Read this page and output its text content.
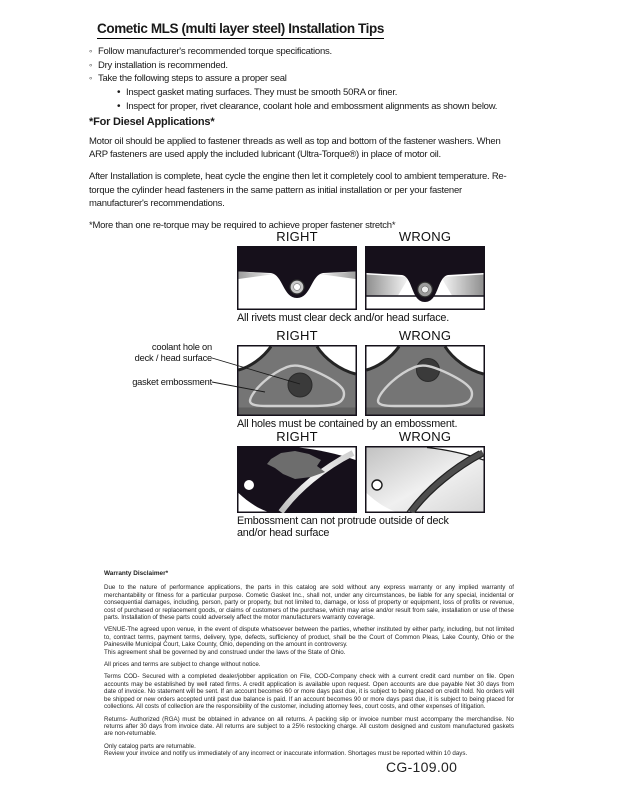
Cometic MLS (multi layer steel) Installation Tips
◦ Follow manufacturer's recommended torque specifications.
◦ Dry installation is recommended.
◦ Take the following steps to assure a proper seal
• Inspect gasket mating surfaces. They must be smooth 50RA or finer.
• Inspect for proper, rivet clearance, coolant hole and embossment alignments as shown below.
*For Diesel Applications*

Motor oil should be applied to fastener threads as well as top and bottom of the fastener washers. When ARP fasteners are used apply the included lubricant (Ultra-Torque®) in place of motor oil.

After Installation is complete, heat cycle the engine then let it completely cool to ambient temperature. Re-torque the cylinder head fasteners in the same pattern as initial installation or per your fastener manufacturer's recommendations.

*More than one re-torque may be required to achieve proper fastener stretch*

RIGHT	WRONG
All rivets must clear deck and/or head surface.
RIGHT	WRONG
All holes must be contained by an embossment.
coolant hole on
deck / head surface
gasket embossment
RIGHT	WRONG
Embossment can not protrude outside of deck
and/or head surface
Warranty Disclaimer*

Due to the nature of performance applications, the parts in this catalog are sold without any express warranty or any implied warranty of merchantability or fitness for a particular purpose. Cometic Gasket Inc., shall not, under any circumstances, be liable for any special, incidental or consequential damages, including, person, party or property, but not limited to, damage, or loss of property or equipment, loss of profits or revenue, cost of purchased or replacement goods, or claims of customers of the purchase, which may arise and/or result from sale, installation or use of these parts. Installation of these parts could adversely affect the motor manufacturers warranty coverage.

VENUE-The agreed upon venue, in the event of dispute whatsoever between the parties, whether instituted by either party, including, but not limited to, contract terms, payment terms, delivery, type, defects, sufficiency of product, shall be the Court of Common Pleas, Lake County, Ohio or the Painesville Municipal Court, Lake County, Ohio, depending on the amount in controversy.

This agreement shall be governed by and construed under the laws of the State of Ohio.

All prices and terms are subject to change without notice.

Terms COD- Secured with a completed dealer/jobber application on File, COD-Company check with a current credit card number on file. Open accounts may be established by well rated firms. A credit application is available upon request. Open accounts are due payable Net 30 days from date of invoice. No statement will be sent. If an account becomes 60 or more days past due, it is subject to being placed on credit hold. No orders will be shipped or new orders accepted until past due balance is paid. If an account becomes 90 or more days past due, it is subject to being placed for collections. All costs of collection are the responsibility of the customer, including attorney fees, court costs, and other expenses of litigation.

Returns- Authorized (RGA) must be obtained in advance on all returns. A packing slip or invoice number must accompany the merchandise. No returns after 30 days from invoice date. All returns are subject to a 25% restocking charge. All custom designed and custom manufactured gaskets are non-returnable.

Only catalog parts are returnable.

Review your invoice and notify us immediately of any incorrect or inaccurate information. Shortages must be reported within 10 days.

CG-109.00
